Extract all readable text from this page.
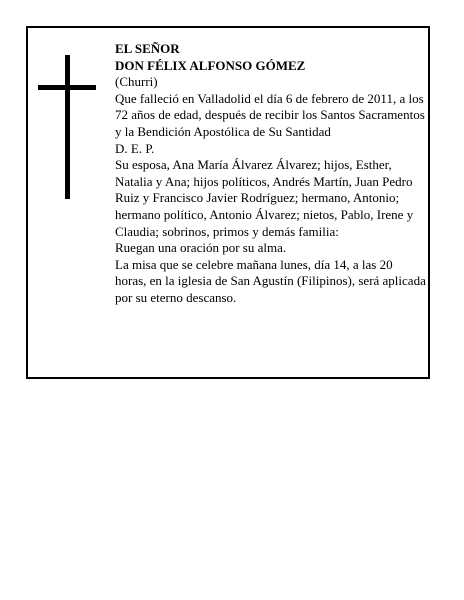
EL SEÑOR

DON FÉLIX ALFONSO GÓMEZ

(Churri)

Que falleció en Valladolid el día 6 de febrero de 2011, a los 72 años de edad, después de recibir los Santos Sacramentos y la Bendición Apostólica de Su Santidad

D. E. P.

Su esposa, Ana María Álvarez Álvarez; hijos, Esther, Natalia y Ana; hijos políticos, Andrés Martín, Juan Pedro Ruiz y Francisco Javier Rodríguez; hermano, Antonio; hermano político, Antonio Álvarez; nietos, Pablo, Irene y Claudia; sobrinos, primos y demás familia:

Ruegan una oración por su alma.

La misa que se celebre mañana lunes, día 14, a las 20 horas, en la iglesia de San Agustín (Filipinos), será aplicada por su eterno descanso.
